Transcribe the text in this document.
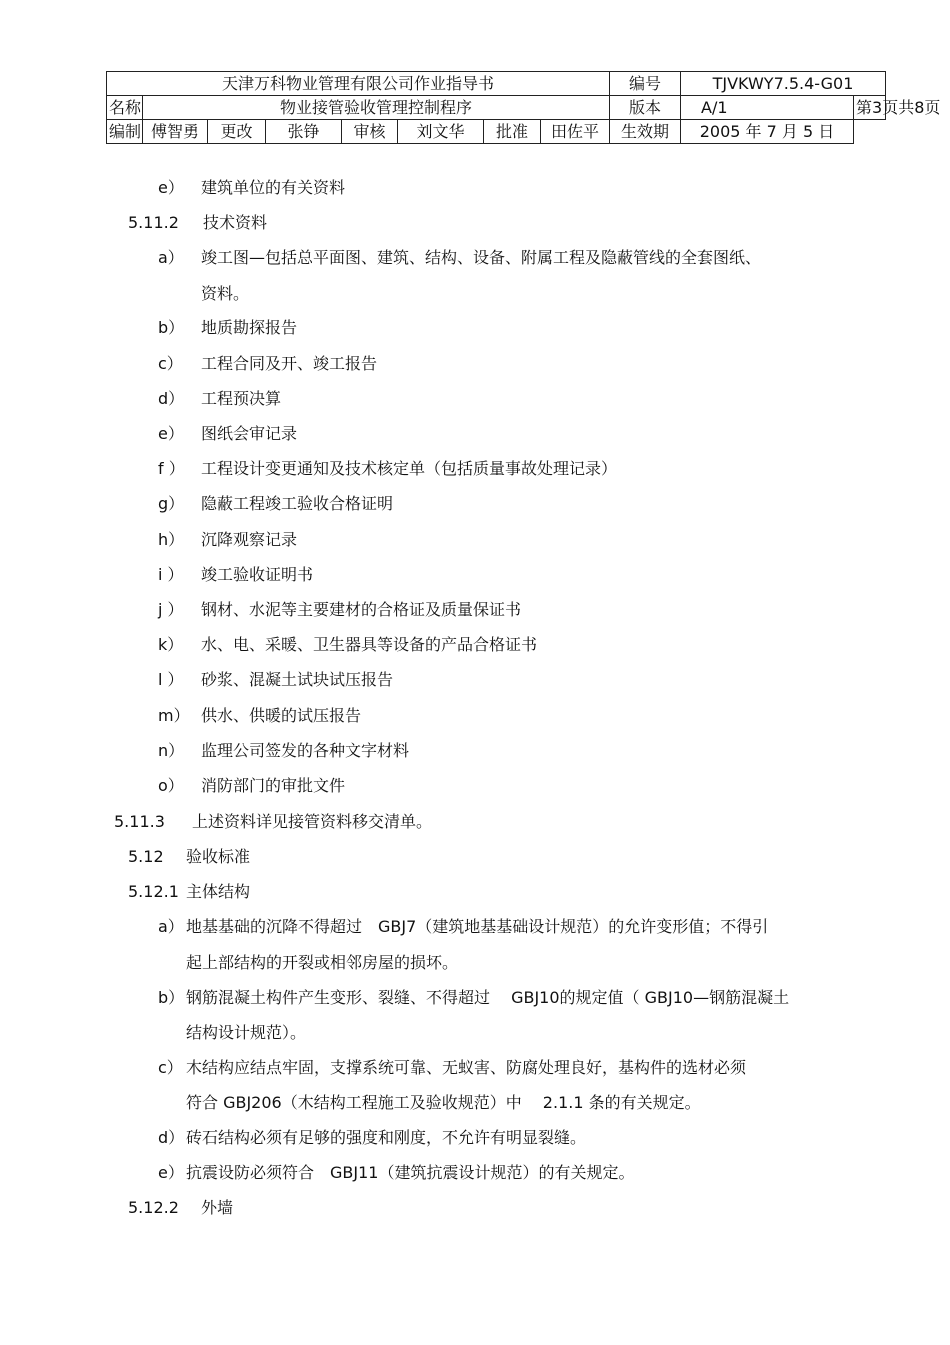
天津万科物业管理有限公司作业指导书								编号	TJVKWY7.5.4-G01	
名称	物业接管验收管理控制程序							版本	A/1	第3页共8页
编制	傅智勇	更改	张铮	审核	刘文华	批准	田佐平	生效期	2005 年 7 月 5 日	
e） 建筑单位的有关资料
5.11.2 技术资料
a） 竣工图—包括总平面图、建筑、结构、设备、附属工程及隐蔽管线的全套图纸、
资料。
b） 地质勘探报告
c） 工程合同及开、竣工报告
d） 工程预决算
e） 图纸会审记录
f ） 工程设计变更通知及技术核定单（包括质量事故处理记录）
g） 隐蔽工程竣工验收合格证明
h） 沉降观察记录
i ） 竣工验收证明书
j ） 钢材、水泥等主要建材的合格证及质量保证书
k） 水、电、采暖、卫生器具等设备的产品合格证书
l ） 砂浆、混凝土试块试压报告
m） 供水、供暖的试压报告
n） 监理公司签发的各种文字材料
o） 消防部门的审批文件
5.11.3 上述资料详见接管资料移交清单。
5.12 验收标准
5.12.1 主体结构
a） 地基基础的沉降不得超过　GBJ7（建筑地基基础设计规范）的允许变形值；不得引
起上部结构的开裂或相邻房屋的损坏。
b） 钢筋混凝土构件产生变形、裂缝、不得超过　 GBJ10的规定值（ GBJ10—钢筋混凝土
结构设计规范）。
c） 木结构应结点牢固，支撑系统可靠、无蚁害、防腐处理良好，基构件的选材必须
符合 GBJ206（木结构工程施工及验收规范）中　 2.1.1 条的有关规定。
d） 砖石结构必须有足够的强度和刚度，不允许有明显裂缝。
e） 抗震设防必须符合　GBJ11（建筑抗震设计规范）的有关规定。
5.12.2 外墙
